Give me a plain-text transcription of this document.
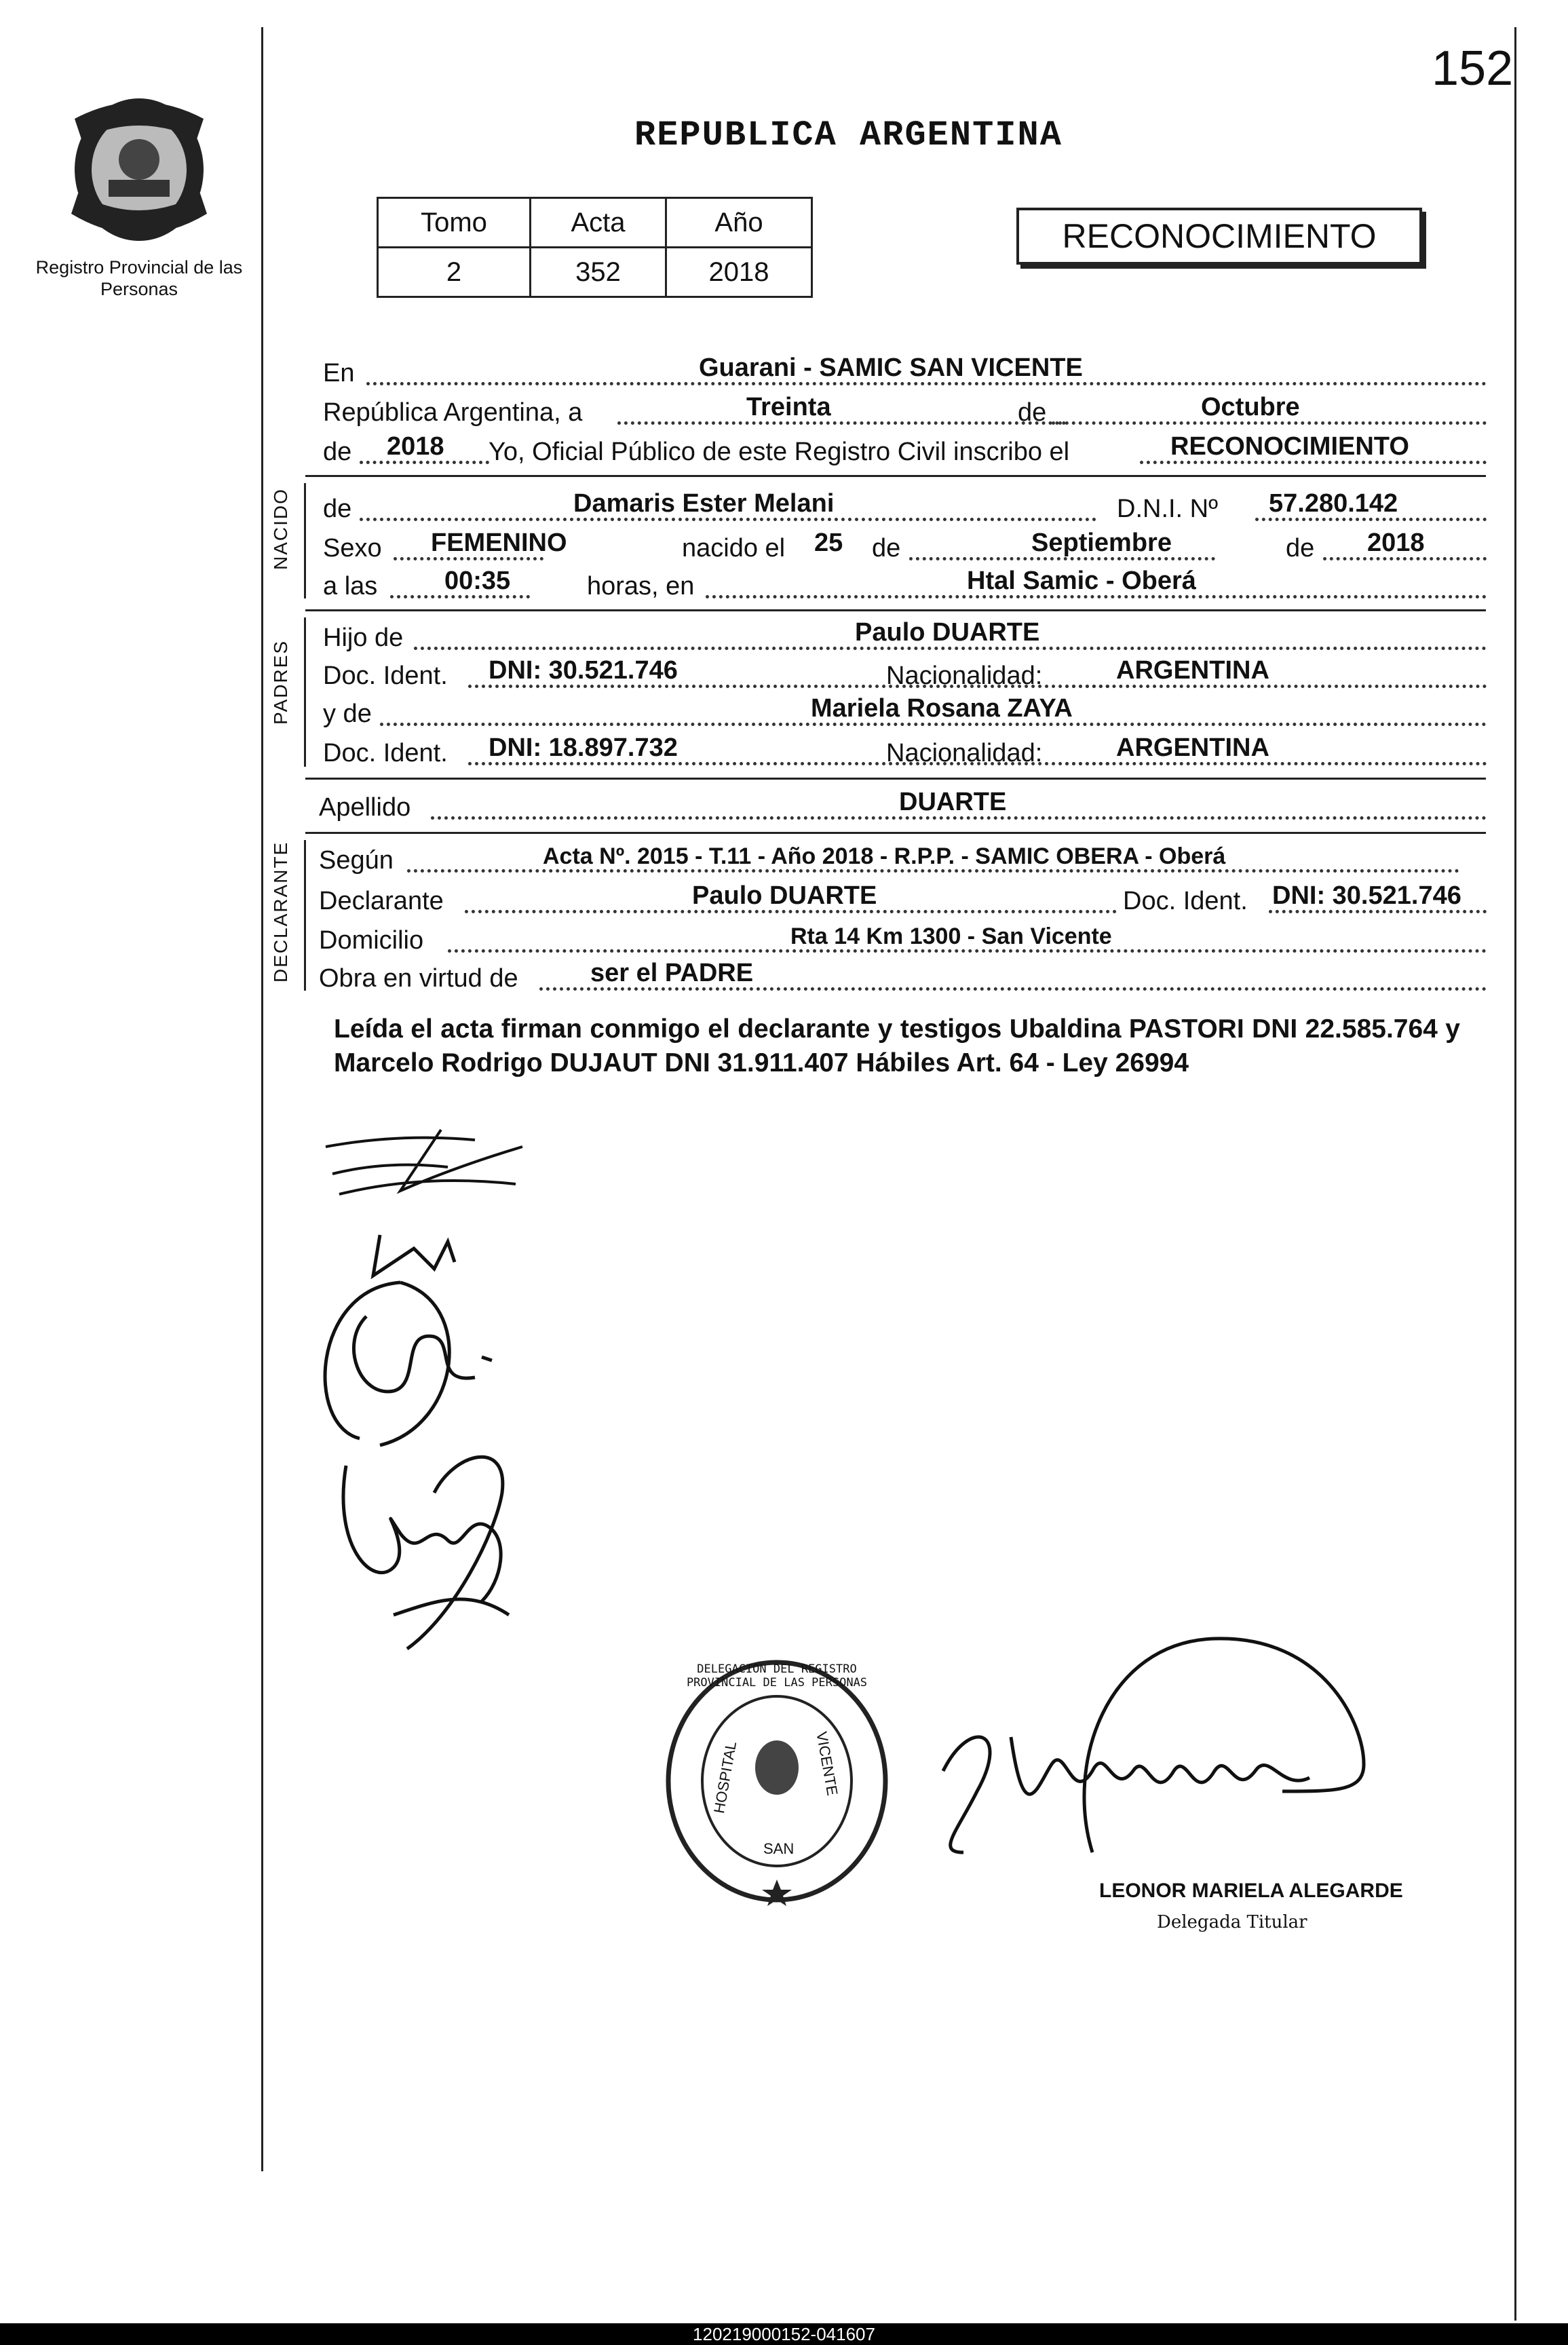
152
Registro Provincial de las Personas
REPUBLICA ARGENTINA
Tomo	Acta	Año
2	352	2018
RECONOCIMIENTO
En	Guarani - SAMIC SAN VICENTE
República Argentina, a	Treinta	de	Octubre
de 2018 Yo, Oficial Público de este Registro Civil inscribo el	RECONOCIMIENTO
NACIDO de	Damaris Ester Melani	D.N.I. Nº 57.280.142
Sexo FEMENINO	nacido el 25 de	Septiembre	de 2018
a las	00:35	horas, en	Htal Samic - Oberá
PADRES
Hijo de	Paulo DUARTE
Doc. Ident. DNI: 30.521.746	Nacionalidad:	ARGENTINA
y de	Mariela Rosana ZAYA
Doc. Ident. DNI: 18.897.732	Nacionalidad:	ARGENTINA
Apellido	DUARTE
DECLARANTE Según	Acta Nº. 2015 - T.11 - Año 2018 - R.P.P. - SAMIC OBERA - Oberá
Declarante	Paulo DUARTE	Doc. Ident. DNI: 30.521.746
Domicilio	Rta 14 Km 1300 - San Vicente
Obra en virtud de	ser el PADRE
Leída el acta firman conmigo el declarante y testigos Ubaldina PASTORI DNI 22.585.764 y Marcelo Rodrigo DUJAUT DNI 31.911.407 Hábiles Art. 64 - Ley 26994
DELEGACION DEL REGISTRO PROVINCIAL DE LAS PERSONAS
HOSPITAL	VICENTE
SAN
LEONOR MARIELA ALEGARDE
Delegada Titular
120219000152-041607
